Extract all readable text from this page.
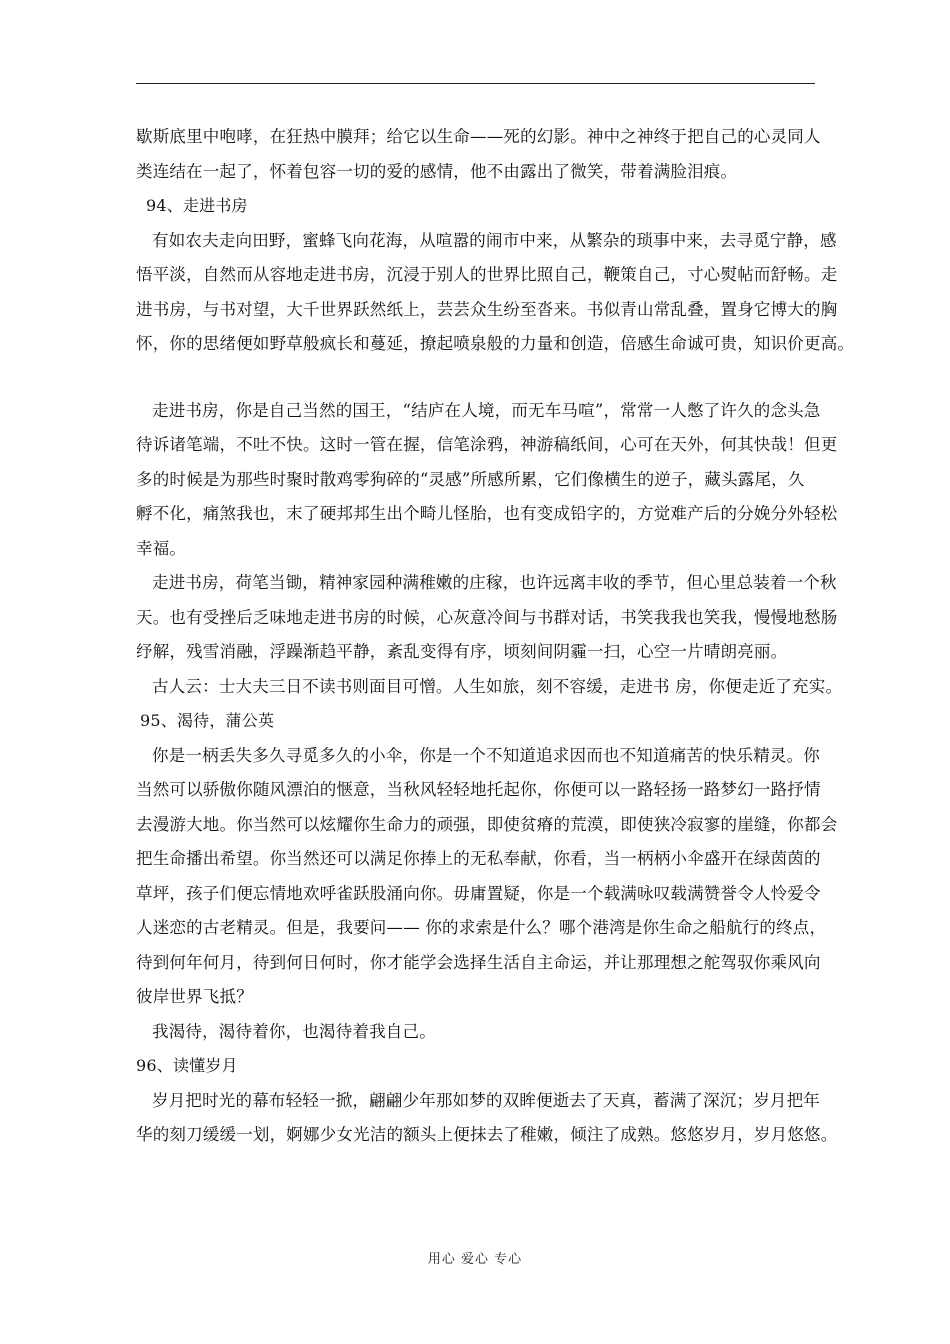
歇斯底里中咆哮，在狂热中膜拜；给它以生命——死的幻影。神中之神终于把自己的心灵同人
类连结在一起了，怀着包容一切的爱的感情，他不由露出了微笑，带着满脸泪痕。
94、走进书房
有如农夫走向田野，蜜蜂飞向花海，从喧嚣的闹市中来，从繁杂的琐事中来，去寻觅宁静，感
悟平淡，自然而从容地走进书房，沉浸于别人的世界比照自己，鞭策自己，寸心熨帖而舒畅。走
进书房，与书对望，大千世界跃然纸上，芸芸众生纷至沓来。书似青山常乱叠，置身它博大的胸
怀，你的思绪便如野草般疯长和蔓延，撩起喷泉般的力量和创造，倍感生命诚可贵，知识价更高。
走进书房，你是自己当然的国王，“结庐在人境，而无车马喧”，常常一人憋了许久的念头急
待诉诸笔端，不吐不快。这时一管在握，信笔涂鸦，神游稿纸间，心可在天外，何其快哉！但更
多的时候是为那些时聚时散鸡零狗碎的“灵感”所感所累，它们像横生的逆子，藏头露尾，久
孵不化，痛煞我也，末了硬邦邦生出个畸儿怪胎，也有变成铅字的，方觉难产后的分娩分外轻松
幸福。
走进书房，荷笔当锄，精神家园种满稚嫩的庄稼，也许远离丰收的季节，但心里总装着一个秋
天。也有受挫后乏味地走进书房的时候，心灰意冷间与书群对话，书笑我我也笑我，慢慢地愁肠
纾解，残雪消融，浮躁渐趋平静，紊乱变得有序，顷刻间阴霾一扫，心空一片晴朗亮丽。
古人云：士大夫三日不读书则面目可憎。人生如旅，刻不容缓，走进书 房，你便走近了充实。
95、渴待，蒲公英
你是一柄丢失多久寻觅多久的小伞，你是一个不知道追求因而也不知道痛苦的快乐精灵。你
当然可以骄傲你随风漂泊的惬意，当秋风轻轻地托起你，你便可以一路轻扬一路梦幻一路抒情
去漫游大地。你当然可以炫耀你生命力的顽强，即使贫瘠的荒漠，即使狭冷寂寥的崖缝，你都会
把生命播出希望。你当然还可以满足你捧上的无私奉献，你看，当一柄柄小伞盛开在绿茵茵的
草坪，孩子们便忘情地欢呼雀跃股涌向你。毋庸置疑，你是一个载满咏叹载满赞誉令人怜爱令
人迷恋的古老精灵。但是，我要问—— 你的求索是什么？哪个港湾是你生命之船航行的终点，
待到何年何月，待到何日何时，你才能学会选择生活自主命运，并让那理想之舵驾驭你乘风向
彼岸世界飞抵？
我渴待，渴待着你，也渴待着我自己。
96、读懂岁月
岁月把时光的幕布轻轻一掀，翩翩少年那如梦的双眸便逝去了天真，蓄满了深沉；岁月把年
华的刻刀缓缓一划，婀娜少女光洁的额头上便抹去了稚嫩，倾注了成熟。悠悠岁月，岁月悠悠。
用心 爱心 专心
